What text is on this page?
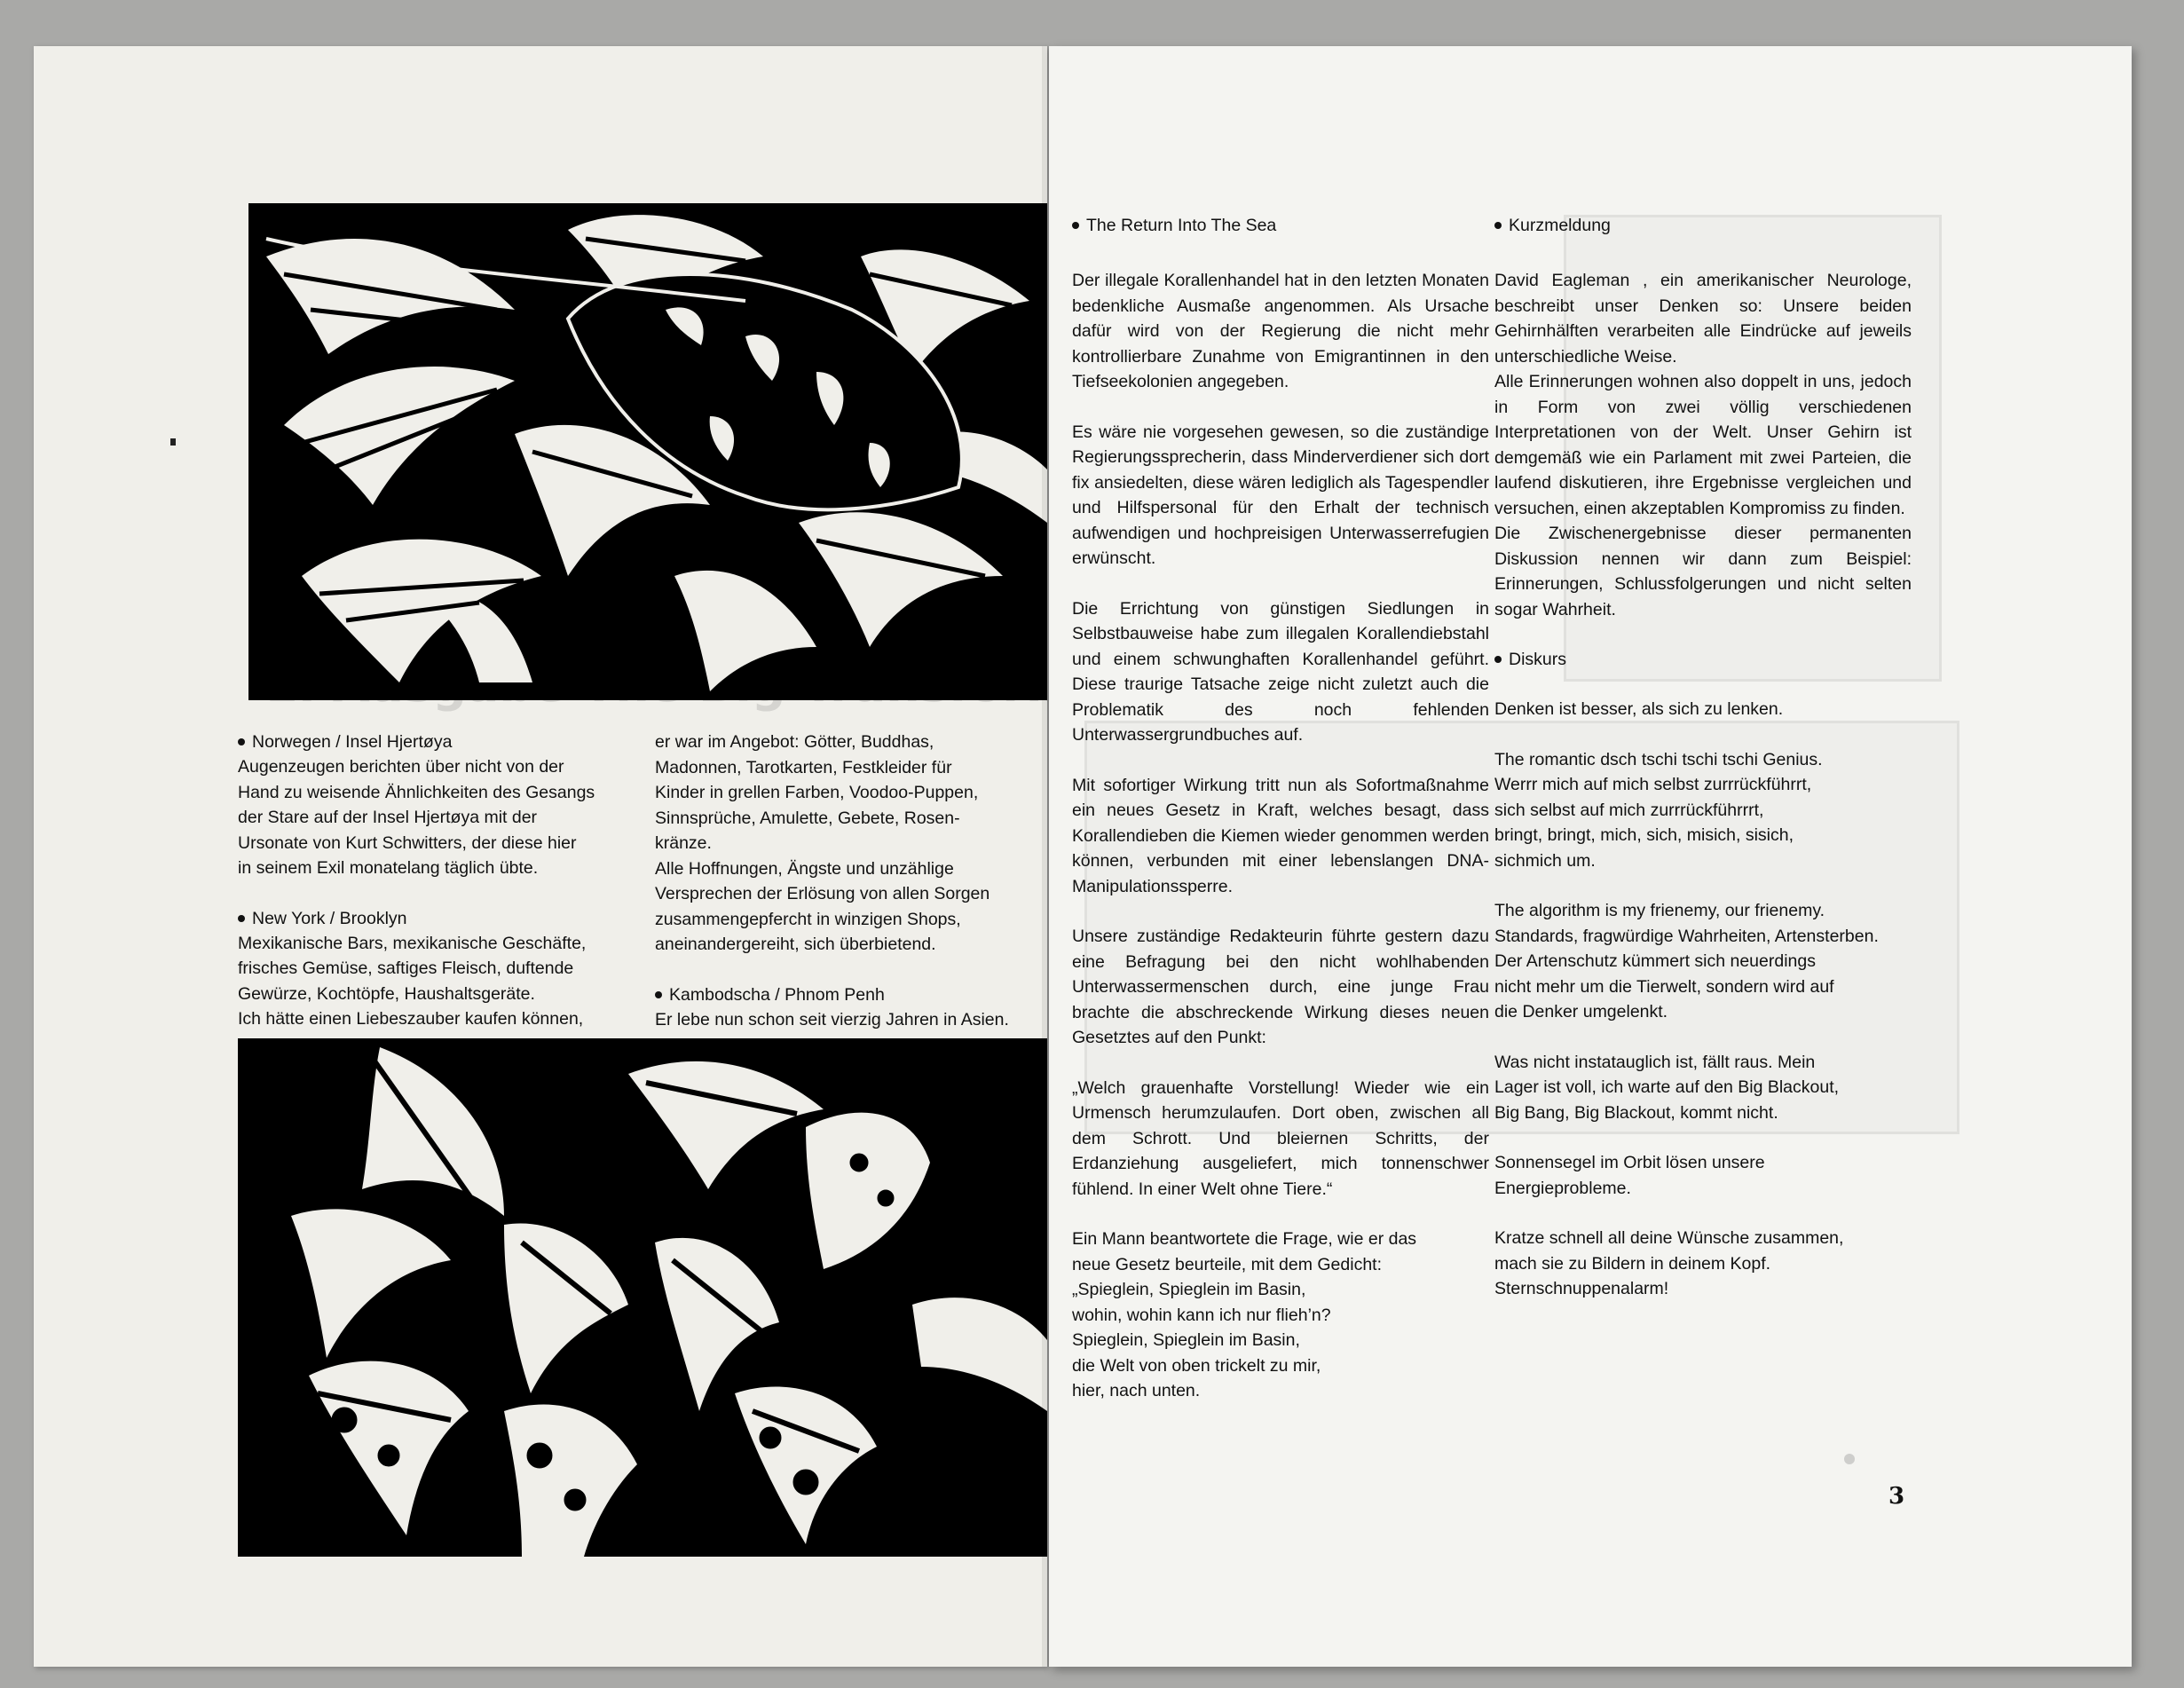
Norwegen / Insel Hjertøya

Augenzeugen berichten über nicht von der
Hand zu weisende Ähnlichkeiten des Gesangs
der Stare auf der Insel Hjertøya mit der
Ursonate von Kurt Schwitters, der diese hier
in seinem Exil monatelang täglich übte.

New York / Brooklyn

Mexikanische Bars, mexikanische Geschäfte,
frisches Gemüse, saftiges Fleisch, duftende
Gewürze, Kochtöpfe, Haushaltsgeräte.
Ich hätte einen Liebeszauber kaufen können,

er war im Angebot: Götter, Buddhas,
Madonnen, Tarotkarten, Festkleider für
Kinder in grellen Farben, Voodoo-Puppen,
Sinnsprüche, Amulette, Gebete, Rosen-
kränze.
Alle Hoffnungen, Ängste und unzählige
Versprechen der Erlösung von allen Sorgen
zusammengepfercht in winzigen Shops,
aneinandergereiht, sich überbietend.

Kambodscha / Phnom Penh

Er lebe nun schon seit vierzig Jahren in Asien.

The Return Into The Sea

Der illegale Korallenhandel hat in den letzten Monaten bedenkliche Ausmaße angenommen. Als Ursache dafür wird von der Regierung die nicht mehr kontrollierbare Zunahme von Emigrantinnen in den Tiefseekolonien angegeben.

Es wäre nie vorgesehen gewesen, so die zuständige Regierungssprecherin, dass Minderverdiener sich dort fix ansiedelten, diese wären lediglich als Tagespendler und Hilfspersonal für den Erhalt der technisch aufwendigen und hochpreisigen Unterwasserrefugien erwünscht.

Die Errichtung von günstigen Siedlungen in Selbstbauweise habe zum illegalen Korallendiebstahl und einem schwunghaften Korallenhandel geführt. Diese traurige Tatsache zeige nicht zuletzt auch die Problematik des noch fehlenden Unterwassergrundbuches auf.

Mit sofortiger Wirkung tritt nun als Sofortmaßnahme ein neues Gesetz in Kraft, welches besagt, dass Korallendieben die Kiemen wieder genommen werden können, verbunden mit einer lebenslangen DNA-Manipulationssperre.

Unsere zuständige Redakteurin führte gestern dazu eine Befragung bei den nicht wohlhabenden Unterwassermenschen durch, eine junge Frau brachte die abschreckende Wirkung dieses neuen Gesetztes auf den Punkt:

„Welch grauenhafte Vorstellung! Wieder wie ein Urmensch herumzulaufen. Dort oben, zwischen all dem Schrott. Und bleiernen Schritts, der Erdanziehung ausgeliefert, mich tonnenschwer fühlend. In einer Welt ohne Tiere.“

Ein Mann beantwortete die Frage, wie er das
neue Gesetz beurteile, mit dem Gedicht:
„Spieglein, Spieglein im Basin,
wohin, wohin kann ich nur flieh’n?
Spieglein, Spieglein im Basin,
die Welt von oben trickelt zu mir,
hier, nach unten.

Kurzmeldung

David Eagleman , ein amerikanischer Neurologe, beschreibt unser Denken so: Unsere beiden Gehirnhälften verarbeiten alle Eindrücke auf jeweils unterschiedliche Weise.
Alle Erinnerungen wohnen also doppelt in uns, jedoch in Form von zwei völlig verschiedenen Interpretationen von der Welt. Unser Gehirn ist demgemäß wie ein Parlament mit zwei Parteien, die laufend diskutieren, ihre Ergebnisse vergleichen und versuchen, einen akzeptablen Kompromiss zu finden.
Die Zwischenergebnisse dieser permanenten Diskussion nennen wir dann zum Beispiel: Erinnerungen, Schlussfolgerungen und nicht selten sogar Wahrheit.

Diskurs

Denken ist besser, als sich zu lenken.

The romantic dsch tschi tschi tschi Genius.
Werrr mich auf mich selbst zurrrückführrt,
sich selbst auf mich zurrrückführrrt,
bringt, bringt, mich, sich, misich, sisich,
sichmich um.

The algorithm is my frienemy, our frienemy.
Standards, fragwürdige Wahrheiten, Artensterben.
Der Artenschutz kümmert sich neuerdings
nicht mehr um die Tierwelt, sondern wird auf
die Denker umgelenkt.

Was nicht instatauglich ist, fällt raus. Mein
Lager ist voll, ich warte auf den Big Blackout,
Big Bang, Big Blackout, kommt nicht.

Sonnensegel im Orbit lösen unsere
Energieprobleme.

Kratze schnell all deine Wünsche zusammen,
mach sie zu Bildern in deinem Kopf.
Sternschnuppenalarm!

3
